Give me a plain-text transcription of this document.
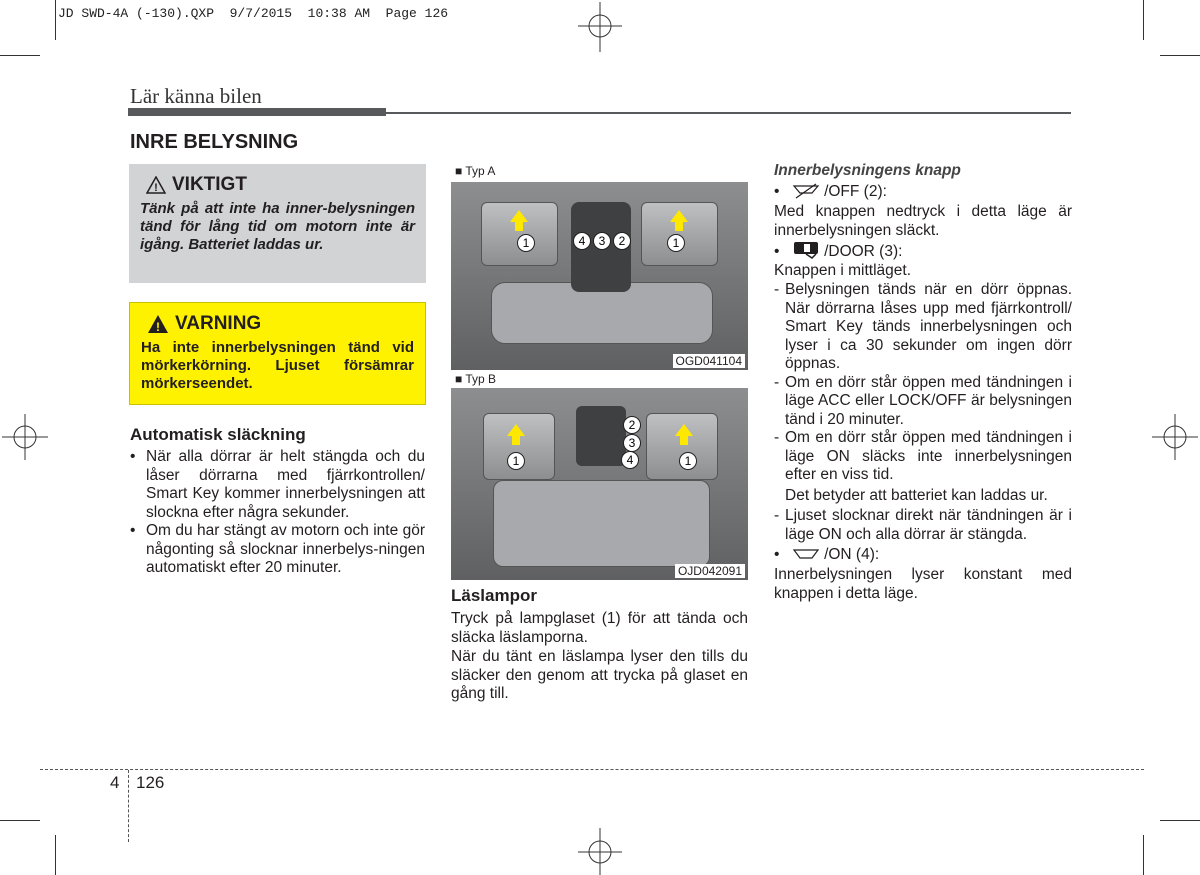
JD SWD-4A (-130).QXP  9/7/2015  10:38 AM  Page 126
Lär känna bilen
INRE BELYSNING
! VIKTIGT
Tänk på att inte ha inner-belysningen tänd för lång tid om motorn inte är igång. Batteriet laddas ur.
! VARNING
Ha inte innerbelysningen tänd vid mörkerkörning. Ljuset försämrar mörkerseendet.
Automatisk släckning
• När alla dörrar är helt stängda och du låser dörrarna med fjärrkontrollen/ Smart Key kommer innerbelysningen att slockna efter några sekunder.
• Om du har stängt av motorn och inte gör någonting så slocknar innerbelys-ningen automatiskt efter 20 minuter.
■ Typ A
1	1
4	3	2
OGD041104
■ Typ B
1	1
2
3
4
OJD042091
Läslampor
Tryck på lampglaset (1) för att tända och släcka läslamporna.
När du tänt en läslampa lyser den tills du släcker den genom att trycka på glaset en gång till.
Innerbelysningens knapp
•	/OFF (2):
Med knappen nedtryck i detta läge är innerbelysningen släckt.
•	/DOOR (3):
Knappen i mittläget.
- Belysningen tänds när en dörr öppnas. När dörrarna låses upp med fjärrkontroll/ Smart Key tänds innerbelysningen och lyser i ca 30 sekunder om ingen dörr öppnas.
- Om en dörr står öppen med tändningen i läge ACC eller LOCK/OFF är belysningen tänd i 20 minuter.
- Om en dörr står öppen med tändningen i läge ON släcks inte innerbelysningen efter en viss tid.
Det betyder att batteriet kan laddas ur.
- Ljuset slocknar direkt när tändningen är i läge ON och alla dörrar är stängda.
•	/ON (4):
Innerbelysningen lyser konstant med knappen i detta läge.
4 126
